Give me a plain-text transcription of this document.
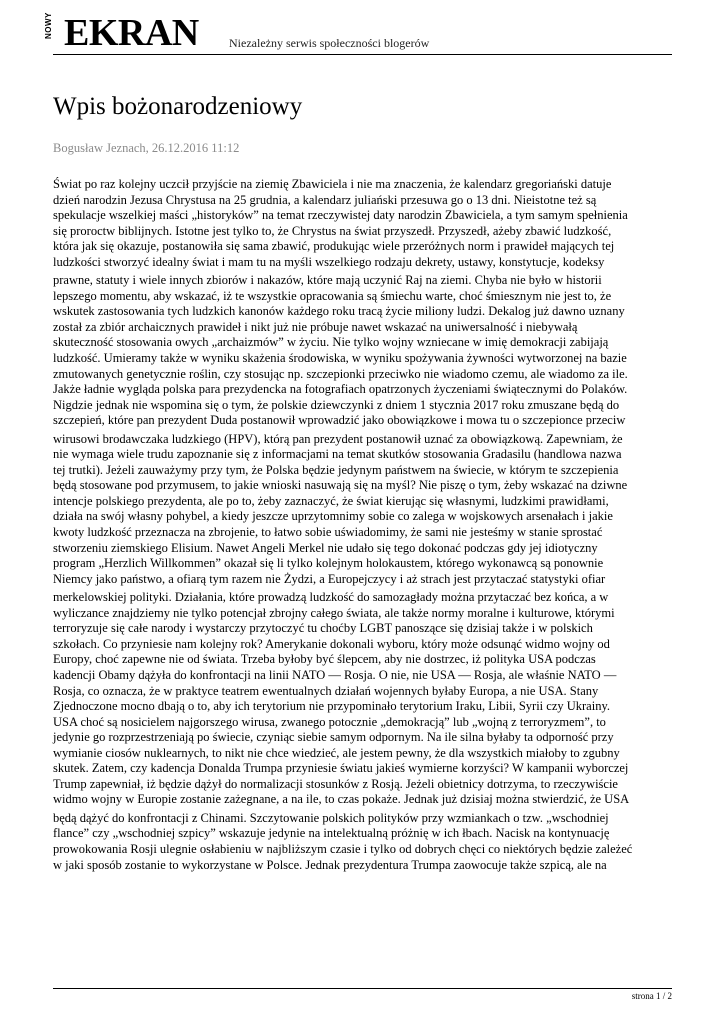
NOWY EKRAN	Niezależny serwis społeczności blogerów
Wpis bożonarodzeniowy
Bogusław Jeznach, 26.12.2016 11:12
Świat po raz kolejny uczcił przyjście na ziemię Zbawiciela i nie ma znaczenia, że kalendarz gregoriański datuje
dzień narodzin Jezusa Chrystusa na 25 grudnia, a kalendarz juliański przesuwa go o 13 dni. Nieistotne też są
spekulacje wszelkiej maści „historyków” na temat rzeczywistej daty narodzin Zbawiciela, a tym samym spełnienia
się proroctw biblijnych. Istotne jest tylko to, że Chrystus na świat przyszedł. Przyszedł, ażeby zbawić ludzkość,
która jak się okazuje, postanowiła się sama zbawić, produkując wiele przeróżnych norm i prawideł mających tej
ludzkości stworzyć idealny świat i mam tu na myśli wszelkiego rodzaju dekrety, ustawy, konstytucje, kodeksy
prawne, statuty i wiele innych zbiorów i nakazów, które mają uczynić Raj na ziemi. Chyba nie było w historii
lepszego momentu, aby wskazać, iż te wszystkie opracowania są śmiechu warte, choć śmiesznym nie jest to, że
wskutek zastosowania tych ludzkich kanonów każdego roku tracą życie miliony ludzi. Dekalog już dawno uznany
został za zbiór archaicznych prawideł i nikt już nie próbuje nawet wskazać na uniwersalność i niebywałą
skuteczność stosowania owych „archaizmów” w życiu. Nie tylko wojny wzniecane w imię demokracji zabijają
ludzkość. Umieramy także w wyniku skażenia środowiska, w wyniku spożywania żywności wytworzonej na bazie
zmutowanych genetycznie roślin, czy stosując np. szczepionki przeciwko nie wiadomo czemu, ale wiadomo za ile.
Jakże ładnie wygląda polska para prezydencka na fotografiach opatrzonych życzeniami świątecznymi do Polaków.
Nigdzie jednak nie wspomina się o tym, że polskie dziewczynki z dniem 1 stycznia 2017 roku zmuszane będą do
szczepień, które pan prezydent Duda postanowił wprowadzić jako obowiązkowe i mowa tu o szczepionce przeciw
wirusowi brodawczaka ludzkiego (HPV), którą pan prezydent postanowił uznać za obowiązkową. Zapewniam, że
nie wymaga wiele trudu zapoznanie się z informacjami na temat skutków stosowania Gradasilu (handlowa nazwa
tej trutki). Jeżeli zauważymy przy tym, że Polska będzie jedynym państwem na świecie, w którym te szczepienia
będą stosowane pod przymusem, to jakie wnioski nasuwają się na myśl? Nie piszę o tym, żeby wskazać na dziwne
intencje polskiego prezydenta, ale po to, żeby zaznaczyć, że świat kierując się własnymi, ludzkimi prawidłami,
działa na swój własny pohybel, a kiedy jeszcze uprzytomnimy sobie co zalega w wojskowych arsenałach i jakie
kwoty ludzkość przeznacza na zbrojenie, to łatwo sobie uświadomimy, że sami nie jesteśmy w stanie sprostać
stworzeniu ziemskiego Elisium. Nawet Angeli Merkel nie udało się tego dokonać podczas gdy jej idiotyczny
program „Herzlich Willkommen” okazał się li tylko kolejnym holokaustem, którego wykonawcą są ponownie
Niemcy jako państwo, a ofiarą tym razem nie Żydzi, a Europejczycy i aż strach jest przytaczać statystyki ofiar
merkelowskiej polityki. Działania, które prowadzą ludzkość do samozagłady można przytaczać bez końca, a w
wyliczance znajdziemy nie tylko potencjał zbrojny całego świata, ale także normy moralne i kulturowe, którymi
terroryzuje się całe narody i wystarczy przytoczyć tu choćby LGBT panoszące się dzisiaj także i w polskich
szkołach. Co przyniesie nam kolejny rok? Amerykanie dokonali wyboru, który może odsunąć widmo wojny od
Europy, choć zapewne nie od świata. Trzeba byłoby być ślepcem, aby nie dostrzec, iż polityka USA podczas
kadencji Obamy dążyła do konfrontacji na linii NATO — Rosja. O nie, nie USA — Rosja, ale właśnie NATO —
Rosja, co oznacza, że w praktyce teatrem ewentualnych działań wojennych byłaby Europa, a nie USA. Stany
Zjednoczone mocno dbają o to, aby ich terytorium nie przypominało terytorium Iraku, Libii, Syrii czy Ukrainy.
USA choć są nosicielem najgorszego wirusa, zwanego potocznie „demokracją” lub „wojną z terroryzmem”, to
jedynie go rozprzestrzeniają po świecie, czyniąc siebie samym odpornym. Na ile silna byłaby ta odporność przy
wymianie ciosów nuklearnych, to nikt nie chce wiedzieć, ale jestem pewny, że dla wszystkich miałoby to zgubny
skutek. Zatem, czy kadencja Donalda Trumpa przyniesie światu jakieś wymierne korzyści? W kampanii wyborczej
Trump zapewniał, iż będzie dążył do normalizacji stosunków z Rosją. Jeżeli obietnicy dotrzyma, to rzeczywiście
widmo wojny w Europie zostanie zażegnane, a na ile, to czas pokaże. Jednak już dzisiaj można stwierdzić, że USA
będą dążyć do konfrontacji z Chinami. Szczytowanie polskich polityków przy wzmiankach o tzw. „wschodniej
flance” czy „wschodniej szpicy” wskazuje jedynie na intelektualną próżnię w ich łbach. Nacisk na kontynuację
prowokowania Rosji ulegnie osłabieniu w najbliższym czasie i tylko od dobrych chęci co niektórych będzie zależeć
w jaki sposób zostanie to wykorzystane w Polsce. Jednak prezydentura Trumpa zaowocuje także szpicą, ale na
strona 1 / 2
